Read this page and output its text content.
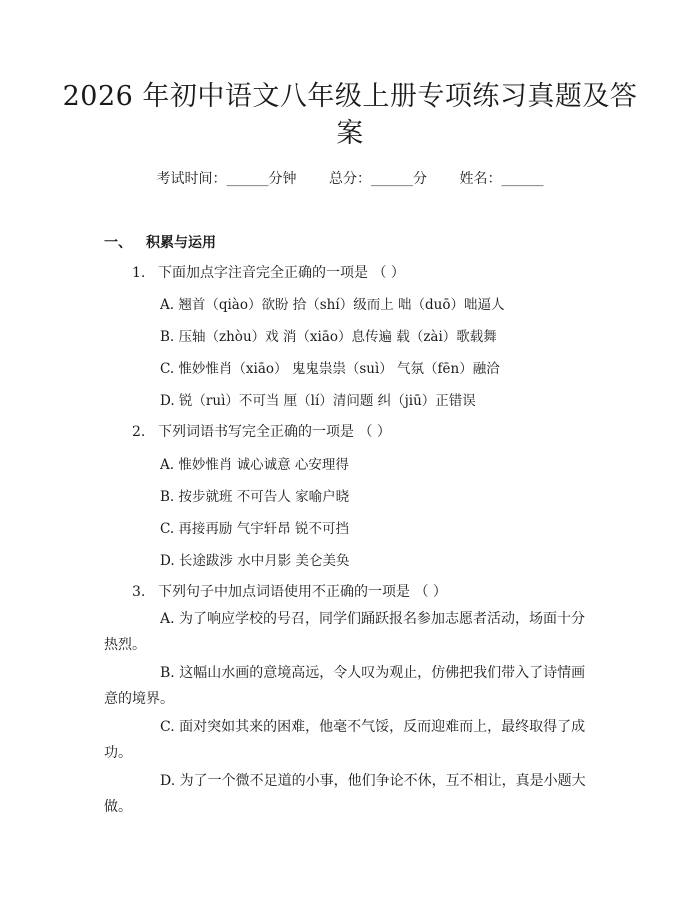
2026 年初中语文八年级上册专项练习真题及答案
考试时间：______分钟 总分：______分 姓名：______
一、 积累与运用
1. 下面加点字注音完全正确的一项是 （ ）
A. 翘首（qiào）欲盼 拾（shí）级而上 咄（duō）咄逼人
B. 压轴（zhòu）戏 消（xiāo）息传遍 载（zài）歌载舞
C. 惟妙惟肖（xiāo） 鬼鬼祟祟（suì） 气氛（fēn）融洽
D. 锐（ruì）不可当 厘（lí）清问题 纠（jiū）正错误
2. 下列词语书写完全正确的一项是 （ ）
A. 惟妙惟肖 诚心诚意 心安理得
B. 按步就班 不可告人 家喻户晓
C. 再接再励 气宇轩昂 锐不可挡
D. 长途跋涉 水中月影 美仑美奂
3. 下列句子中加点词语使用不正确的一项是 （ ）
A. 为了响应学校的号召，同学们踊跃报名参加志愿者活动，场面十分热烈。
B. 这幅山水画的意境高远，令人叹为观止，仿佛把我们带入了诗情画意的境界。
C. 面对突如其来的困难，他毫不气馁，反而迎难而上，最终取得了成功。
D. 为了一个微不足道的小事，他们争论不休，互不相让，真是小题大做。
